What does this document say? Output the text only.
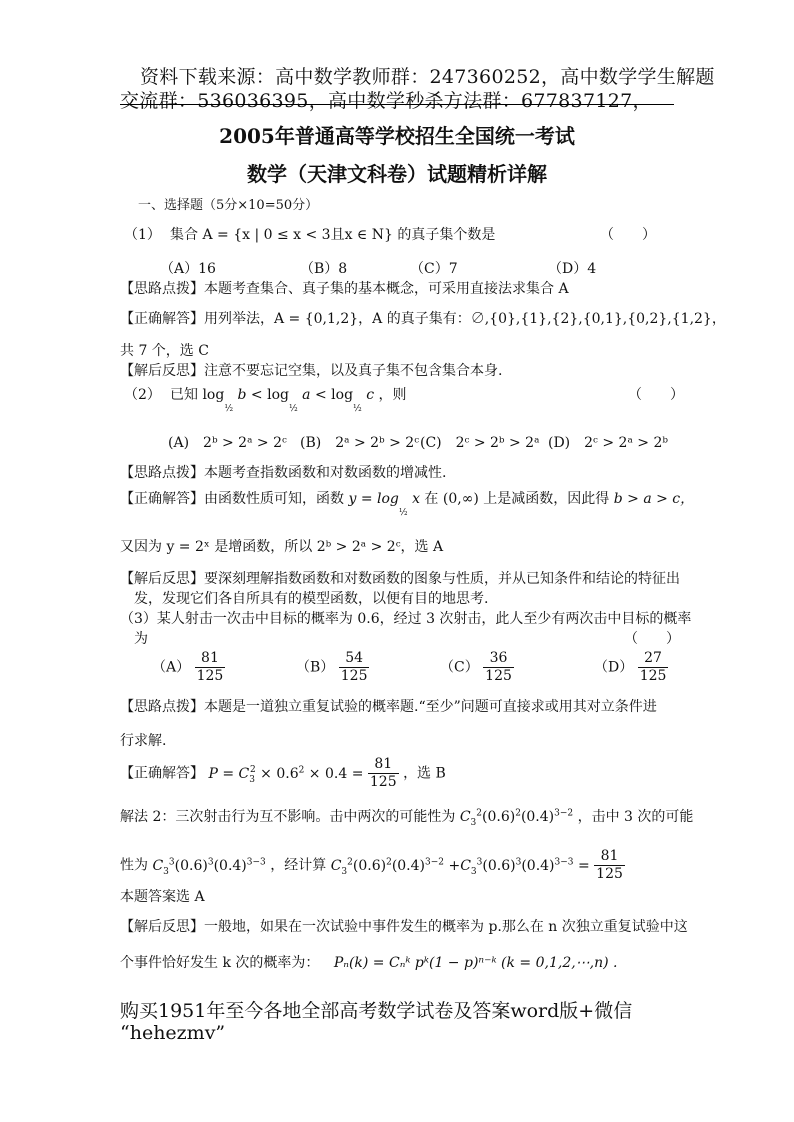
资料下载来源：高中数学教师群：247360252，高中数学学生解题
交流群：536036395，高中数学秒杀方法群：677837127，
2005年普通高等学校招生全国统一考试
数学（天津文科卷）试题精析详解
一、选择题（5分×10=50分）
（1） 集合 A = {x | 0 ≤ x < 3且x ∈ N} 的真子集个数是	（　　）
（A）16	（B）8	（C）7	（D）4
【思路点拨】本题考查集合、真子集的基本概念，可采用直接法求集合 A
【正确解答】用列举法，A = {0,1,2}，A 的真子集有：∅,{0},{1},{2},{0,1},{0,2},{1,2}，
共 7 个，选 C
【解后反思】注意不要忘记空集，以及真子集不包含集合本身.
（2） 已知 $\log_{\frac{1}{2}} b < \log_{\frac{1}{2}} a < \log_{\frac{1}{2}} c$ ，则	（　　）
(A)　2ᵇ > 2ᵃ > 2ᶜ (B)　2ᵃ > 2ᵇ > 2ᶜ (C)　2ᶜ > 2ᵇ > 2ᵃ (D)　2ᶜ > 2ᵃ > 2ᵇ
【思路点拨】本题考查指数函数和对数函数的增减性.
【正确解答】由函数性质可知，函数 $y = \log_{\frac{1}{2}} x$ 在 (0,∞) 上是减函数，因此得 b > a > c，
又因为 y = 2ˣ 是增函数，所以 2ᵇ > 2ᵃ > 2ᶜ，选 A
【解后反思】要深刻理解指数函数和对数函数的图象与性质，并从已知条件和结论的特征出
发，发现它们各自所具有的模型函数，以便有目的地思考.
（3）某人射击一次击中目标的概率为 0.6，经过 3 次射击，此人至少有两次击中目标的概率
为	（　　）
$(A) \frac{81}{125}$	$(B) \frac{54}{125}$	$(C) \frac{36}{125}$	$(D) \frac{27}{125}$
【思路点拨】本题是一道独立重复试验的概率题.“至少”问题可直接求或用其对立条件进
行求解.
【正确解答】 $P = C_3^2 \times 0.6^2 \times 0.4 = \frac{81}{125}$ ，选 B
解法 2：三次射击行为互不影响。击中两次的可能性为 $C_3^2(0.6)^2(0.4)^{3-2}$ ，击中 3 次的可能
性为 $C_3^3(0.6)^3(0.4)^{3-3}$ ，经计算 $C_3^2(0.6)^2(0.4)^{3-2} +C_3^3(0.6)^3(0.4)^{3-3} = \frac{81}{125}$
本题答案选 A
【解后反思】一般地，如果在一次试验中事件发生的概率为 p.那么在 n 次独立重复试验中这
个事件恰好发生 k 次的概率为： Pₙ(k) = Cₙᵏ pᵏ(1 − p)ⁿ⁻ᵏ (k = 0,1,2,⋯,n) .
购买1951年至今各地全部高考数学试卷及答案word版+微信
“hehezmv”
